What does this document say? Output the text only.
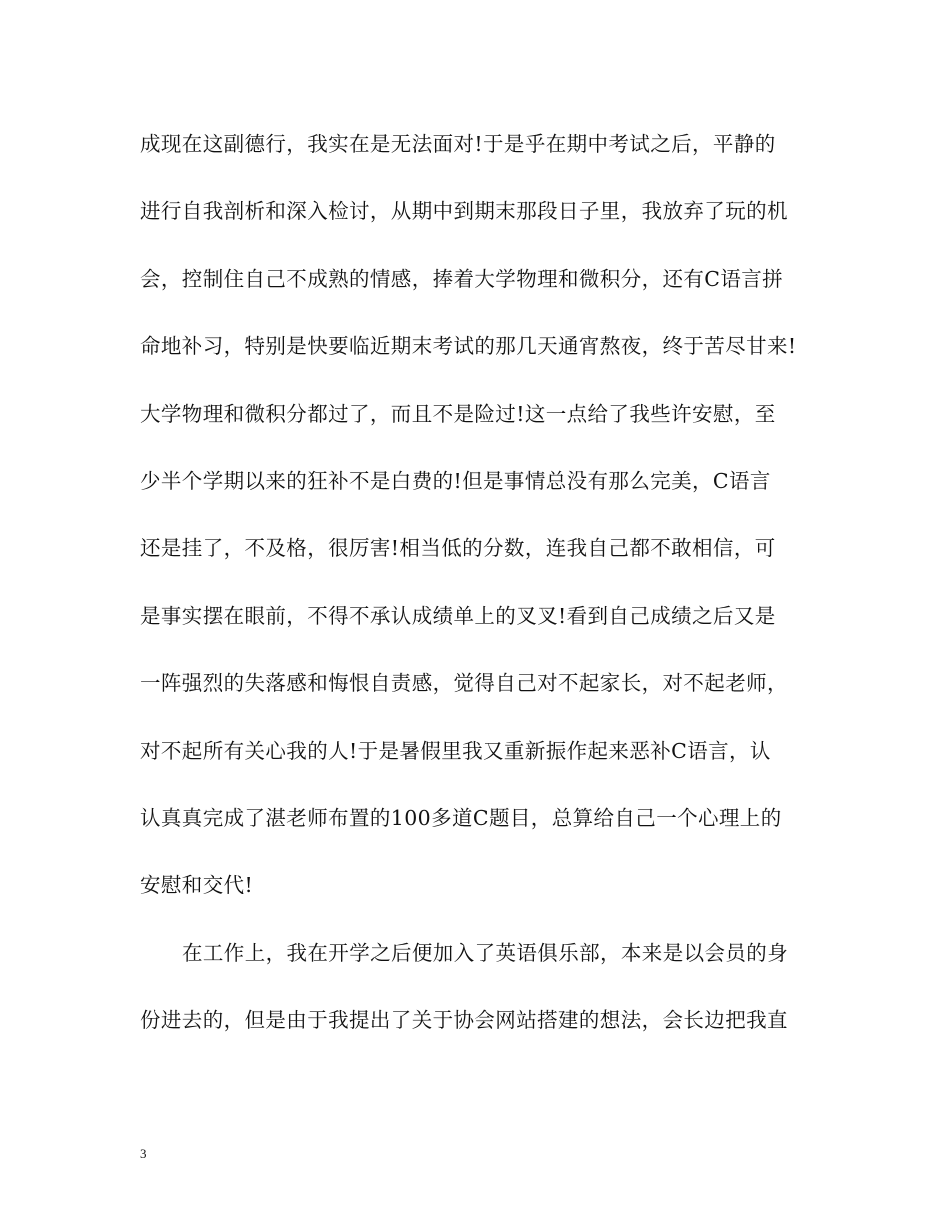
成现在这副德行，我实在是无法面对!于是乎在期中考试之后，平静的
进行自我剖析和深入检讨，从期中到期末那段日子里，我放弃了玩的机
会，控制住自己不成熟的情感，捧着大学物理和微积分，还有C语言拼
命地补习，特别是快要临近期末考试的那几天通宵熬夜，终于苦尽甘来!
大学物理和微积分都过了，而且不是险过!这一点给了我些许安慰，至
少半个学期以来的狂补不是白费的!但是事情总没有那么完美，C语言
还是挂了，不及格，很厉害!相当低的分数，连我自己都不敢相信，可
是事实摆在眼前，不得不承认成绩单上的叉叉!看到自己成绩之后又是
一阵强烈的失落感和悔恨自责感，觉得自己对不起家长，对不起老师，
对不起所有关心我的人!于是暑假里我又重新振作起来恶补C语言，认
认真真完成了湛老师布置的100多道C题目，总算给自己一个心理上的
安慰和交代!
在工作上，我在开学之后便加入了英语俱乐部，本来是以会员的身
份进去的，但是由于我提出了关于协会网站搭建的想法，会长边把我直
3
